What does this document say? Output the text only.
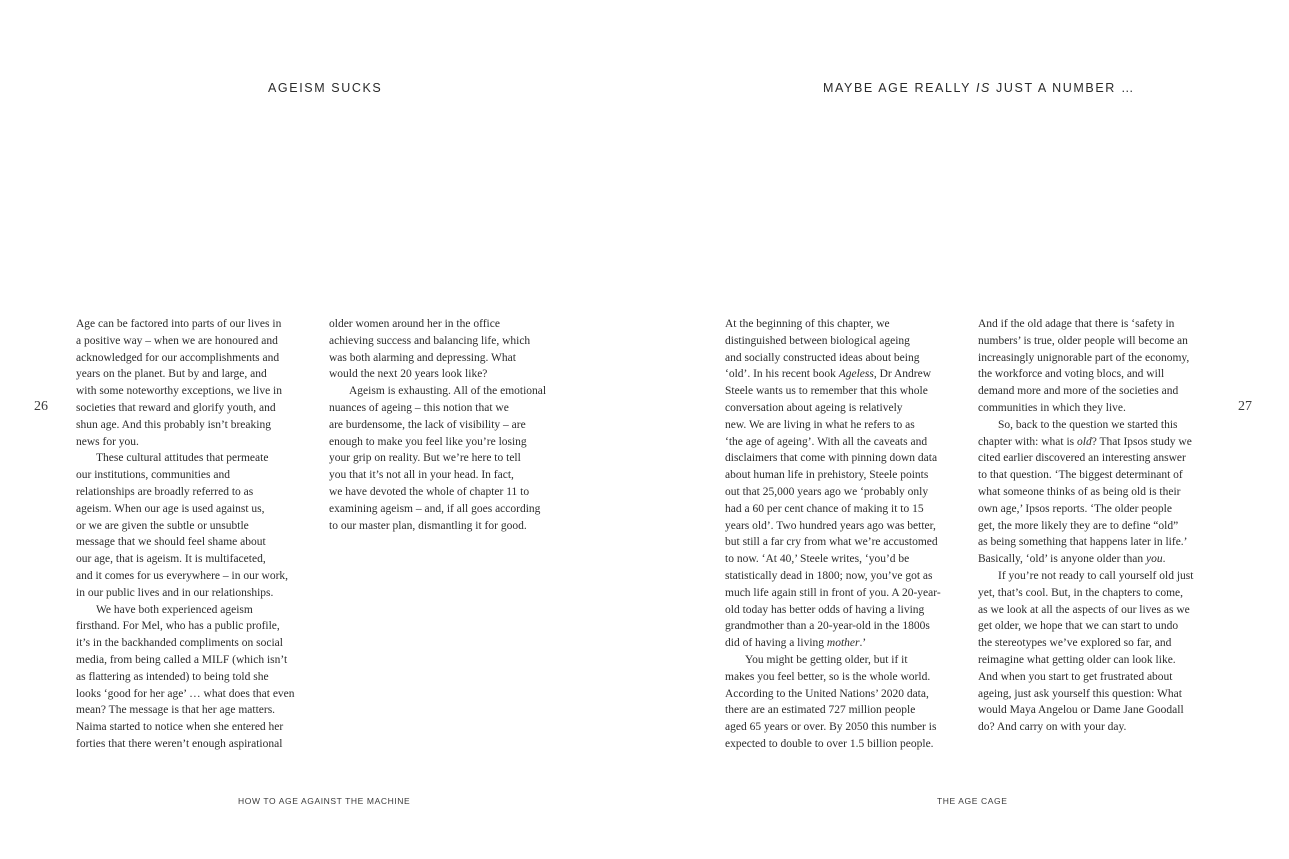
AGEISM SUCKS
26
Age can be factored into parts of our lives in
a positive way – when we are honoured and
acknowledged for our accomplishments and
years on the planet. But by and large, and
with some noteworthy exceptions, we live in
societies that reward and glorify youth, and
shun age. And this probably isn’t breaking
news for you.
These cultural attitudes that permeate
our institutions, communities and
relationships are broadly referred to as
ageism. When our age is used against us,
or we are given the subtle or unsubtle
message that we should feel shame about
our age, that is ageism. It is multifaceted,
and it comes for us everywhere – in our work,
in our public lives and in our relationships.
We have both experienced ageism
firsthand. For Mel, who has a public profile,
it’s in the backhanded compliments on social
media, from being called a MILF (which isn’t
as flattering as intended) to being told she
looks ‘good for her age’ … what does that even
mean? The message is that her age matters.
Naima started to notice when she entered her
forties that there weren’t enough aspirational
older women around her in the office
achieving success and balancing life, which
was both alarming and depressing. What
would the next 20 years look like?
Ageism is exhausting. All of the emotional
nuances of ageing – this notion that we
are burdensome, the lack of visibility – are
enough to make you feel like you’re losing
your grip on reality. But we’re here to tell
you that it’s not all in your head. In fact,
we have devoted the whole of chapter 11 to
examining ageism – and, if all goes according
to our master plan, dismantling it for good.
HOW TO AGE AGAINST THE MACHINE
MAYBE AGE REALLY IS JUST A NUMBER …
27
At the beginning of this chapter, we
distinguished between biological ageing
and socially constructed ideas about being
‘old’. In his recent book Ageless, Dr Andrew
Steele wants us to remember that this whole
conversation about ageing is relatively
new. We are living in what he refers to as
‘the age of ageing’. With all the caveats and
disclaimers that come with pinning down data
about human life in prehistory, Steele points
out that 25,000 years ago we ‘probably only
had a 60 per cent chance of making it to 15
years old’. Two hundred years ago was better,
but still a far cry from what we’re accustomed
to now. ‘At 40,’ Steele writes, ‘you’d be
statistically dead in 1800; now, you’ve got as
much life again still in front of you. A 20-year-
old today has better odds of having a living
grandmother than a 20-year-old in the 1800s
did of having a living mother.’
You might be getting older, but if it
makes you feel better, so is the whole world.
According to the United Nations’ 2020 data,
there are an estimated 727 million people
aged 65 years or over. By 2050 this number is
expected to double to over 1.5 billion people.
And if the old adage that there is ‘safety in
numbers’ is true, older people will become an
increasingly unignorable part of the economy,
the workforce and voting blocs, and will
demand more and more of the societies and
communities in which they live.
So, back to the question we started this
chapter with: what is old? That Ipsos study we
cited earlier discovered an interesting answer
to that question. ‘The biggest determinant of
what someone thinks of as being old is their
own age,’ Ipsos reports. ‘The older people
get, the more likely they are to define “old”
as being something that happens later in life.’
Basically, ‘old’ is anyone older than you.
If you’re not ready to call yourself old just
yet, that’s cool. But, in the chapters to come,
as we look at all the aspects of our lives as we
get older, we hope that we can start to undo
the stereotypes we’ve explored so far, and
reimagine what getting older can look like.
And when you start to get frustrated about
ageing, just ask yourself this question: What
would Maya Angelou or Dame Jane Goodall
do? And carry on with your day.
THE AGE CAGE
